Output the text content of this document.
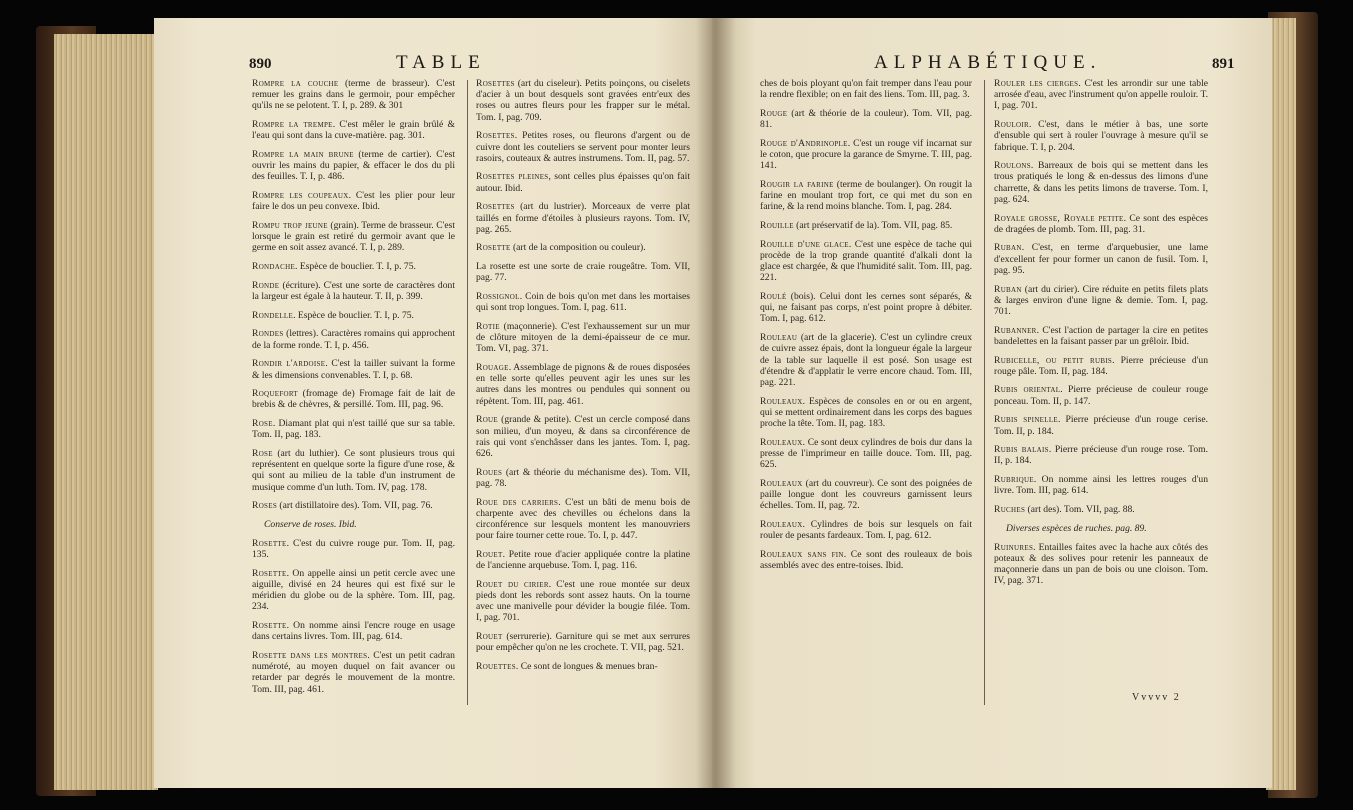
890	TABLE

Rompre la couche (terme de brasseur). C'est remuer les grains dans le germoir, pour empêcher qu'ils ne se pelotent. T. I, p. 289. & 301

Rompre la trempe. C'est mêler le grain brûlé & l'eau qui sont dans la cuve-matière. pag. 301.

Rompre la main brune (terme de cartier). C'est ouvrir les mains du papier, & effacer le dos du pli des feuilles. T. I, p. 486.

Rompre les coupeaux. C'est les plier pour leur faire le dos un peu convexe. Ibid.

Rompu trop jeune (grain). Terme de brasseur. C'est lorsque le grain est retiré du germoir avant que le germe en soit assez avancé. T. I, p. 289.

Rondache. Espèce de bouclier. T. I, p. 75.

Ronde (écriture). C'est une sorte de caractères dont la largeur est égale à la hauteur. T. II, p. 399.

Rondelle. Espèce de bouclier. T. I, p. 75.

Rondes (lettres). Caractères romains qui approchent de la forme ronde. T. I, p. 456.

Rondir l'ardoise. C'est la tailler suivant la forme & les dimensions convenables. T. I, p. 68.

Roquefort (fromage de) Fromage fait de lait de brebis & de chèvres, & persillé. Tom. III, pag. 96.

Rose. Diamant plat qui n'est taillé que sur sa table. Tom. II, pag. 183.

Rose (art du luthier). Ce sont plusieurs trous qui représentent en quelque sorte la figure d'une rose, & qui sont au milieu de la table d'un instrument de musique comme d'un luth. Tom. IV, pag. 178.

Roses (art distillatoire des). Tom. VII, pag. 76.

Conserve de roses. Ibid.

Rosette. C'est du cuivre rouge pur. Tom. II, pag. 135.

Rosette. On appelle ainsi un petit cercle avec une aiguille, divisé en 24 heures qui est fixé sur le méridien du globe ou de la sphère. Tom. III, pag. 234.

Rosette. On nomme ainsi l'encre rouge en usage dans certains livres. Tom. III, pag. 614.

Rosette dans les montres. C'est un petit cadran numéroté, au moyen duquel on fait avancer ou retarder par degrés le mouvement de la montre. Tom. III, pag. 461.

Rosettes (art du ciseleur). Petits poinçons, ou ciselets d'acier à un bout desquels sont gravées entr'eux des roses ou autres fleurs pour les frapper sur le métal. Tom. I, pag. 709.

Rosettes. Petites roses, ou fleurons d'argent ou de cuivre dont les couteliers se servent pour monter leurs rasoirs, couteaux & autres instrumens. Tom. II, pag. 57.

Rosettes pleines, sont celles plus épaisses qu'on fait autour. Ibid.

Rosettes (art du lustrier). Morceaux de verre plat taillés en forme d'étoiles à plusieurs rayons. Tom. IV, pag. 265.

Rosette (art de la composition ou couleur).

La rosette est une sorte de craie rougeâtre. Tom. VII, pag. 77.

Rossignol. Coin de bois qu'on met dans les mortaises qui sont trop longues. Tom. I, pag. 611.

Rotie (maçonnerie). C'est l'exhaussement sur un mur de clôture mitoyen de la demi-épaisseur de ce mur. Tom. VI, pag. 371.

Rouage. Assemblage de pignons & de roues disposées en telle sorte qu'elles peuvent agir les unes sur les autres dans les montres ou pendules qui sonnent ou répètent. Tom. III, pag. 461.

Roue (grande & petite). C'est un cercle composé dans son milieu, d'un moyeu, & dans sa circonférence de rais qui vont s'enchâsser dans les jantes. Tom. I, pag. 626.

Roues (art & théorie du méchanisme des). Tom. VII, pag. 78.

Roue des carriers. C'est un bâti de menu bois de charpente avec des chevilles ou échelons dans la circonférence sur lesquels montent les manouvriers pour faire tourner cette roue. To. I, p. 447.

Rouet. Petite roue d'acier appliquée contre la platine de l'ancienne arquebuse. Tom. I, pag. 116.

Rouet du cirier. C'est une roue montée sur deux pieds dont les rebords sont assez hauts. On la tourne avec une manivelle pour dévider la bougie filée. Tom. I, pag. 701.

Rouet (serrurerie). Garniture qui se met aux serrures pour empêcher qu'on ne les crochete. T. VII, pag. 521.

Rouettes. Ce sont de longues & menues bran-

ALPHABÉTIQUE.	891

ches de bois ployant qu'on fait tremper dans l'eau pour la rendre flexible; on en fait des liens. Tom. III, pag. 3.

Rouge (art & théorie de la couleur). Tom. VII, pag. 81.

Rouge d'Andrinople. C'est un rouge vif incarnat sur le coton, que procure la garance de Smyrne. T. III, pag. 141.

Rougir la farine (terme de boulanger). On rougit la farine en moulant trop fort, ce qui met du son en farine, & la rend moins blanche. Tom. I, pag. 284.

Rouille (art préservatif de la). Tom. VII, pag. 85.

Rouille d'une glace. C'est une espèce de tache qui procède de la trop grande quantité d'alkali dont la glace est chargée, & que l'humidité salit. Tom. III, pag. 221.

Roulé (bois). Celui dont les cernes sont séparés, & qui, ne faisant pas corps, n'est point propre à débiter. Tom. I, pag. 612.

Rouleau (art de la glacerie). C'est un cylindre creux de cuivre assez épais, dont la longueur égale la largeur de la table sur laquelle il est posé. Son usage est d'étendre & d'applatir le verre encore chaud. Tom. III, pag. 221.

Rouleaux. Espèces de consoles en or ou en argent, qui se mettent ordinairement dans les corps des bagues proche la tête. Tom. II, pag. 183.

Rouleaux. Ce sont deux cylindres de bois dur dans la presse de l'imprimeur en taille douce. Tom. III, pag. 625.

Rouleaux (art du couvreur). Ce sont des poignées de paille longue dont les couvreurs garnissent leurs échelles. Tom. II, pag. 72.

Rouleaux. Cylindres de bois sur lesquels on fait rouler de pesants fardeaux. Tom. I, pag. 612.

Rouleaux sans fin. Ce sont des rouleaux de bois assemblés avec des entre-toises. Ibid.

Rouler les cierges. C'est les arrondir sur une table arrosée d'eau, avec l'instrument qu'on appelle rouloir. T. I, pag. 701.

Rouloir. C'est, dans le métier à bas, une sorte d'ensuble qui sert à rouler l'ouvrage à mesure qu'il se fabrique. T. I, p. 204.

Roulons. Barreaux de bois qui se mettent dans les trous pratiqués le long & en-dessus des limons d'une charrette, & dans les petits limons de traverse. Tom. I, pag. 624.

Royale grosse, Royale petite. Ce sont des espèces de dragées de plomb. Tom. III, pag. 31.

Ruban. C'est, en terme d'arquebusier, une lame d'excellent fer pour former un canon de fusil. Tom. I, pag. 95.

Ruban (art du cirier). Cire réduite en petits filets plats & larges environ d'une ligne & demie. Tom. I, pag. 701.

Rubanner. C'est l'action de partager la cire en petites bandelettes en la faisant passer par un grêloir. Ibid.

Rubicelle, ou petit rubis. Pierre précieuse d'un rouge pâle. Tom. II, pag. 184.

Rubis oriental. Pierre précieuse de couleur rouge ponceau. Tom. II, p. 147.

Rubis spinelle. Pierre précieuse d'un rouge cerise. Tom. II, p. 184.

Rubis balais. Pierre précieuse d'un rouge rose. Tom. II, p. 184.

Rubrique. On nomme ainsi les lettres rouges d'un livre. Tom. III, pag. 614.

Ruches (art des). Tom. VII, pag. 88.

Diverses espèces de ruches. pag. 89.

Ruinures. Entailles faites avec la hache aux côtés des poteaux & des solives pour retenir les panneaux de maçonnerie dans un pan de bois ou une cloison. Tom. IV, pag. 371.

Vvvvv 2
